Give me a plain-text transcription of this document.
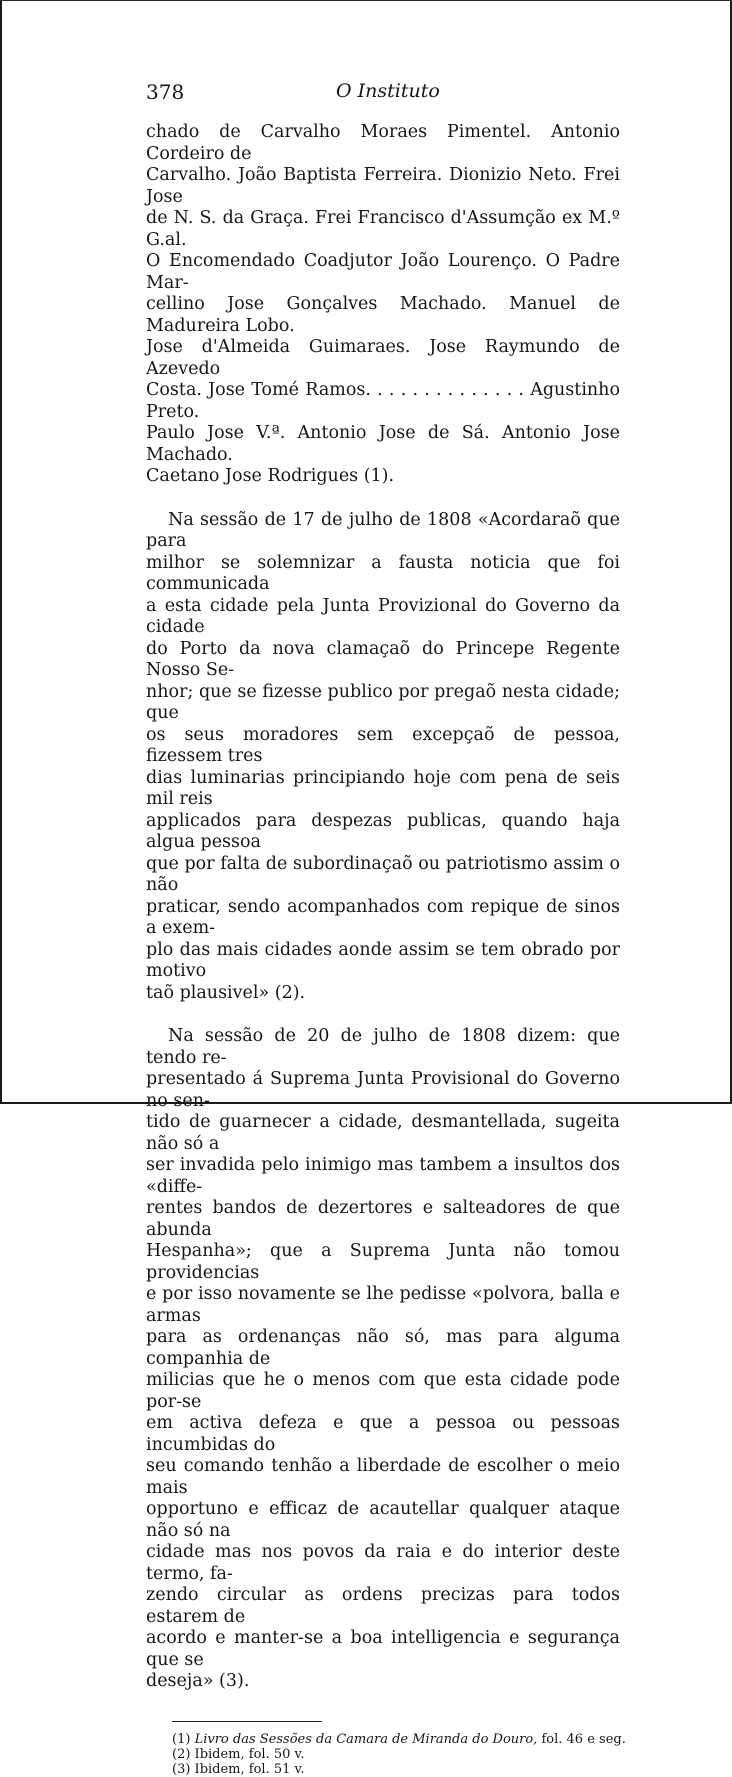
378	O Instituto

chado de Carvalho Moraes Pimentel. Antonio Cordeiro de
Carvalho. João Baptista Ferreira. Dionizio Neto. Frei Jose
de N. S. da Graça. Frei Francisco d'Assumção ex M.º G.al.
O Encomendado Coadjutor João Lourenço. O Padre Mar-
cellino Jose Gonçalves Machado. Manuel de Madureira Lobo.
Jose d'Almeida Guimaraes. Jose Raymundo de Azevedo
Costa. Jose Tomé Ramos. . . . . . . . . . . . . . Agustinho Preto.
Paulo Jose V.ª. Antonio Jose de Sá. Antonio Jose Machado.
Caetano Jose Rodrigues (1).

Na sessão de 17 de julho de 1808 «Acordaraõ que para
milhor se solemnizar a fausta noticia que foi communicada
a esta cidade pela Junta Provizional do Governo da cidade
do Porto da nova clamaçaõ do Princepe Regente Nosso Se-
nhor; que se fizesse publico por pregaõ nesta cidade; que
os seus moradores sem excepçaõ de pessoa, fizessem tres
dias luminarias principiando hoje com pena de seis mil reis
applicados para despezas publicas, quando haja algua pessoa
que por falta de subordinaçaõ ou patriotismo assim o não
praticar, sendo acompanhados com repique de sinos a exem-
plo das mais cidades aonde assim se tem obrado por motivo
taõ plausivel» (2).

Na sessão de 20 de julho de 1808 dizem: que tendo re-
presentado á Suprema Junta Provisional do Governo no sen-
tido de guarnecer a cidade, desmantellada, sugeita não só a
ser invadida pelo inimigo mas tambem a insultos dos «diffe-
rentes bandos de dezertores e salteadores de que abunda
Hespanha»; que a Suprema Junta não tomou providencias
e por isso novamente se lhe pedisse «polvora, balla e armas
para as ordenanças não só, mas para alguma companhia de
milicias que he o menos com que esta cidade pode por-se
em activa defeza e que a pessoa ou pessoas incumbidas do
seu comando tenhão a liberdade de escolher o meio mais
opportuno e efficaz de acautellar qualquer ataque não só na
cidade mas nos povos da raia e do interior deste termo, fa-
zendo circular as ordens precizas para todos estarem de
acordo e manter-se a boa intelligencia e segurança que se
deseja» (3).

(1) Livro das Sessões da Camara de Miranda do Douro, fol. 46 e seg.
(2) Ibidem, fol. 50 v.
(3) Ibidem, fol. 51 v.
